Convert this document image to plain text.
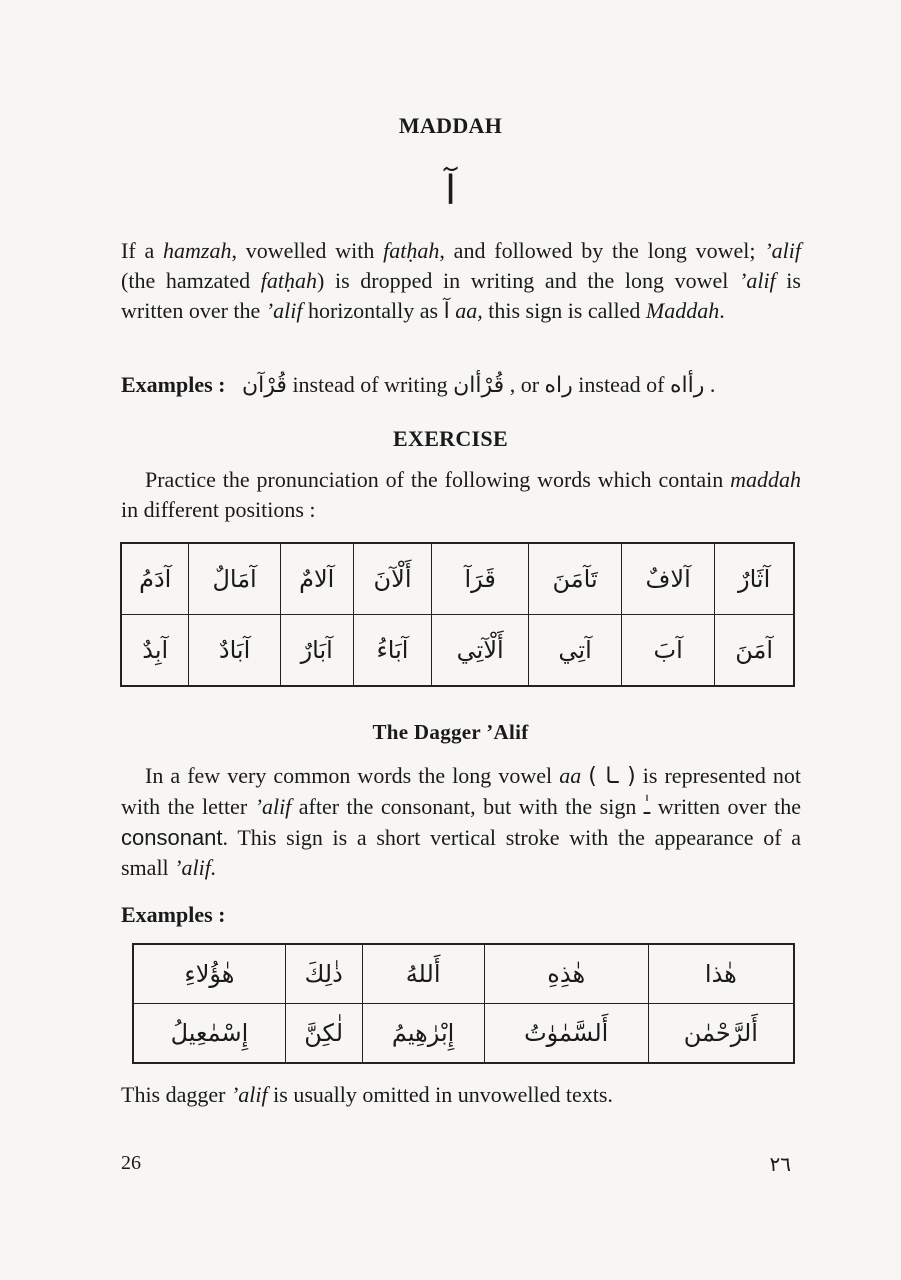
MADDAH
آ
If a hamzah, vowelled with fatḥah, and followed by the long vowel; ’alif (the hamzated fatḥah) is dropped in writing and the long vowel ’alif is written over the ’alif horizontally as آ aa, this sign is called Maddah.
Examples : قُرْآن instead of writing قُرْأان , or راه instead of رأاه .
EXERCISE
Practice the pronunciation of the following words which contain maddah in different positions :
آدَمُ	آمَالٌ	آلامٌ	أَلْآنَ	قَرَآ	تَآمَنَ	آلافٌ	آثَارٌ
آبِدٌ	آبَادٌ	آبَارٌ	آبَاءُ	أَلْآتِي	آتِي	آبَ	آمَنَ
The Dagger ’Alif
In a few very common words the long vowel aa ( ـا ) is represented not with the letter ’alif after the consonant, but with the sign ـٰ written over the consonant. This sign is a short vertical stroke with the appearance of a small ’alif.
Examples :
هٰؤُلاءِ	ذٰلِكَ	أَللهُ	هٰذِهِ	هٰذا
إِسْمٰعِيلُ	لٰكِنَّ	إِبْرٰهِيمُ	أَلسَّمٰوٰتُ	أَلرَّحْمٰن
This dagger ’alif is usually omitted in unvowelled texts.
26	٢٦
